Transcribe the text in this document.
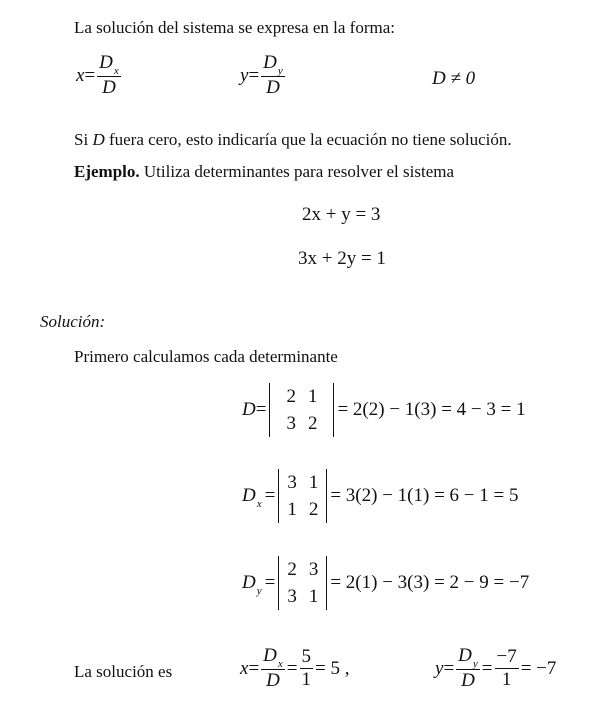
La solución del sistema se expresa en la forma:
$x = \frac{D_x}{D}$	$y = \frac{D_y}{D}$	D ≠ 0
Si D fuera cero, esto indicaría que la ecuación no tiene solución.
Ejemplo. Utiliza determinantes para resolver el sistema
2x + y = 3
3x + 2y = 1
Solución:
Primero calculamos cada determinante
D =
2	1
3	2
= 2(2) − 1(3) = 4 − 3 = 1
$D_x$ =
3	1
1	2
= 3(2) − 1(1) = 6 − 1 = 5
$D_y$ =
2	3
3	1
= 2(1) − 3(3) = 2 − 9 = −7
La solución es	$x = \frac{D_x}{D} = \frac{5}{1} = 5$ ,	$y = \frac{D_y}{D} = \frac{-7}{1} = -7$
